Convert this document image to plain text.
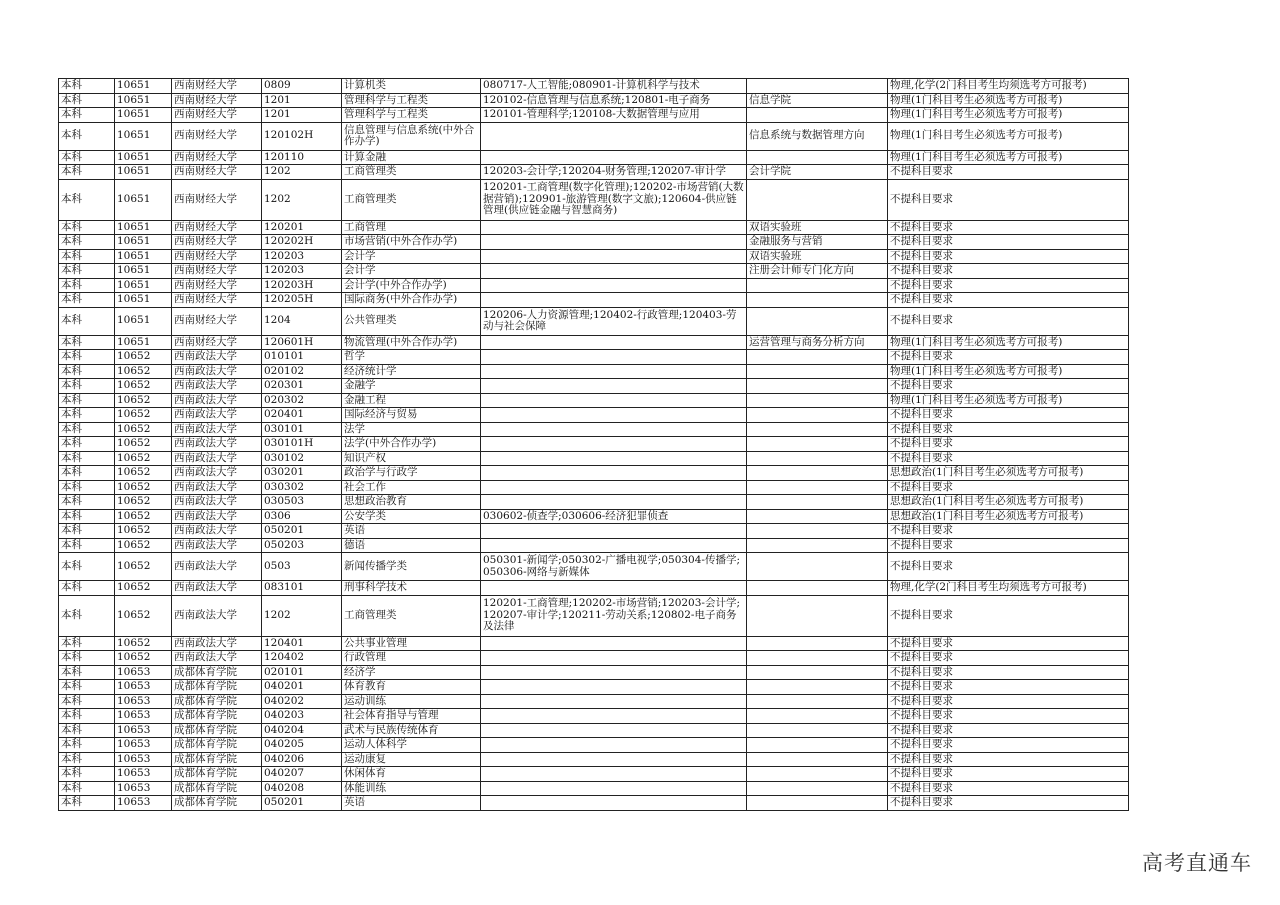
本科	10651	西南财经大学	0809	计算机类	080717-人工智能;080901-计算机科学与技术		物理,化学(2门科目考生均须选考方可报考)
本科	10651	西南财经大学	1201	管理科学与工程类	120102-信息管理与信息系统;120801-电子商务	信息学院	物理(1门科目考生必须选考方可报考)
本科	10651	西南财经大学	1201	管理科学与工程类	120101-管理科学;120108-大数据管理与应用		物理(1门科目考生必须选考方可报考)
本科	10651	西南财经大学	120102H	信息管理与信息系统(中外合作办学)		信息系统与数据管理方向	物理(1门科目考生必须选考方可报考)
本科	10651	西南财经大学	120110	计算金融			物理(1门科目考生必须选考方可报考)
本科	10651	西南财经大学	1202	工商管理类	120203-会计学;120204-财务管理;120207-审计学	会计学院	不提科目要求
本科	10651	西南财经大学	1202	工商管理类	120201-工商管理(数字化管理);120202-市场营销(大数据营销);120901-旅游管理(数字文旅);120604-供应链管理(供应链金融与智慧商务)		不提科目要求
本科	10651	西南财经大学	120201	工商管理		双语实验班	不提科目要求
本科	10651	西南财经大学	120202H	市场营销(中外合作办学)		金融服务与营销	不提科目要求
本科	10651	西南财经大学	120203	会计学		双语实验班	不提科目要求
本科	10651	西南财经大学	120203	会计学		注册会计师专门化方向	不提科目要求
本科	10651	西南财经大学	120203H	会计学(中外合作办学)			不提科目要求
本科	10651	西南财经大学	120205H	国际商务(中外合作办学)			不提科目要求
本科	10651	西南财经大学	1204	公共管理类	120206-人力资源管理;120402-行政管理;120403-劳动与社会保障		不提科目要求
本科	10651	西南财经大学	120601H	物流管理(中外合作办学)		运营管理与商务分析方向	物理(1门科目考生必须选考方可报考)
本科	10652	西南政法大学	010101	哲学			不提科目要求
本科	10652	西南政法大学	020102	经济统计学			物理(1门科目考生必须选考方可报考)
本科	10652	西南政法大学	020301	金融学			不提科目要求
本科	10652	西南政法大学	020302	金融工程			物理(1门科目考生必须选考方可报考)
本科	10652	西南政法大学	020401	国际经济与贸易			不提科目要求
本科	10652	西南政法大学	030101	法学			不提科目要求
本科	10652	西南政法大学	030101H	法学(中外合作办学)			不提科目要求
本科	10652	西南政法大学	030102	知识产权			不提科目要求
本科	10652	西南政法大学	030201	政治学与行政学			思想政治(1门科目考生必须选考方可报考)
本科	10652	西南政法大学	030302	社会工作			不提科目要求
本科	10652	西南政法大学	030503	思想政治教育			思想政治(1门科目考生必须选考方可报考)
本科	10652	西南政法大学	0306	公安学类	030602-侦查学;030606-经济犯罪侦查		思想政治(1门科目考生必须选考方可报考)
本科	10652	西南政法大学	050201	英语			不提科目要求
本科	10652	西南政法大学	050203	德语			不提科目要求
本科	10652	西南政法大学	0503	新闻传播学类	050301-新闻学;050302-广播电视学;050304-传播学;050306-网络与新媒体		不提科目要求
本科	10652	西南政法大学	083101	刑事科学技术			物理,化学(2门科目考生均须选考方可报考)
本科	10652	西南政法大学	1202	工商管理类	120201-工商管理;120202-市场营销;120203-会计学;120207-审计学;120211-劳动关系;120802-电子商务及法律		不提科目要求
本科	10652	西南政法大学	120401	公共事业管理			不提科目要求
本科	10652	西南政法大学	120402	行政管理			不提科目要求
本科	10653	成都体育学院	020101	经济学			不提科目要求
本科	10653	成都体育学院	040201	体育教育			不提科目要求
本科	10653	成都体育学院	040202	运动训练			不提科目要求
本科	10653	成都体育学院	040203	社会体育指导与管理			不提科目要求
本科	10653	成都体育学院	040204	武术与民族传统体育			不提科目要求
本科	10653	成都体育学院	040205	运动人体科学			不提科目要求
本科	10653	成都体育学院	040206	运动康复			不提科目要求
本科	10653	成都体育学院	040207	休闲体育			不提科目要求
本科	10653	成都体育学院	040208	体能训练			不提科目要求
本科	10653	成都体育学院	050201	英语			不提科目要求
高考直通车
